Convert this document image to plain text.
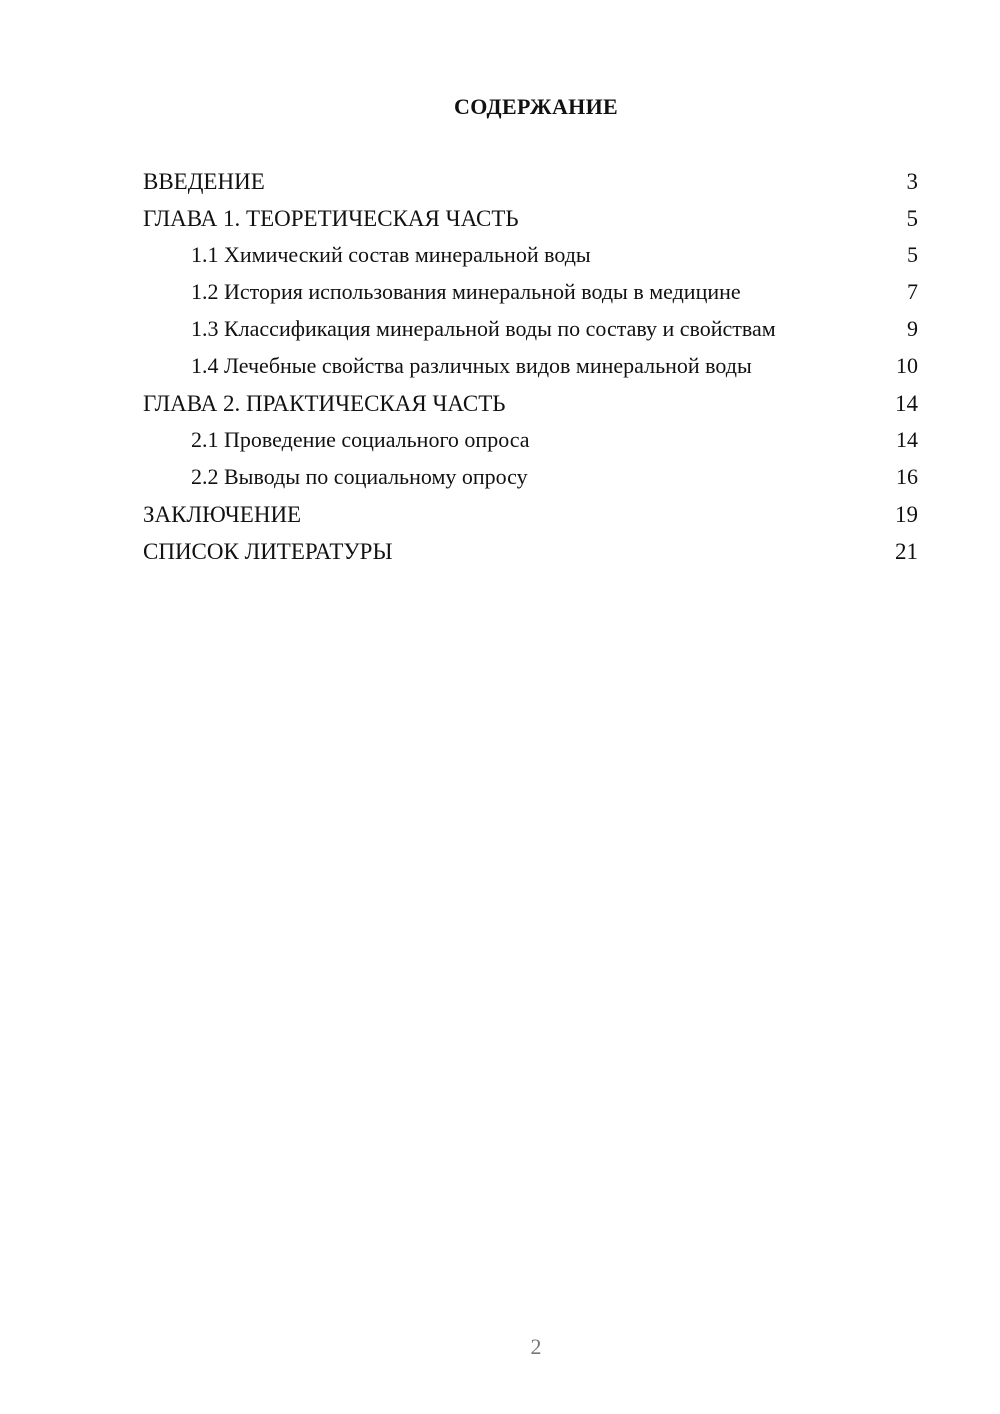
СОДЕРЖАНИЕ
ВВЕДЕНИЕ	3
ГЛАВА 1. ТЕОРЕТИЧЕСКАЯ ЧАСТЬ	5
1.1 Химический состав минеральной воды	5
1.2 История использования минеральной воды в медицине	7
1.3 Классификация минеральной воды по составу и свойствам	9
1.4 Лечебные свойства различных видов минеральной воды	10
ГЛАВА 2. ПРАКТИЧЕСКАЯ ЧАСТЬ	14
2.1 Проведение социального опроса	14
2.2 Выводы по социальному опросу	16
ЗАКЛЮЧЕНИЕ	19
СПИСОК ЛИТЕРАТУРЫ	21
2
